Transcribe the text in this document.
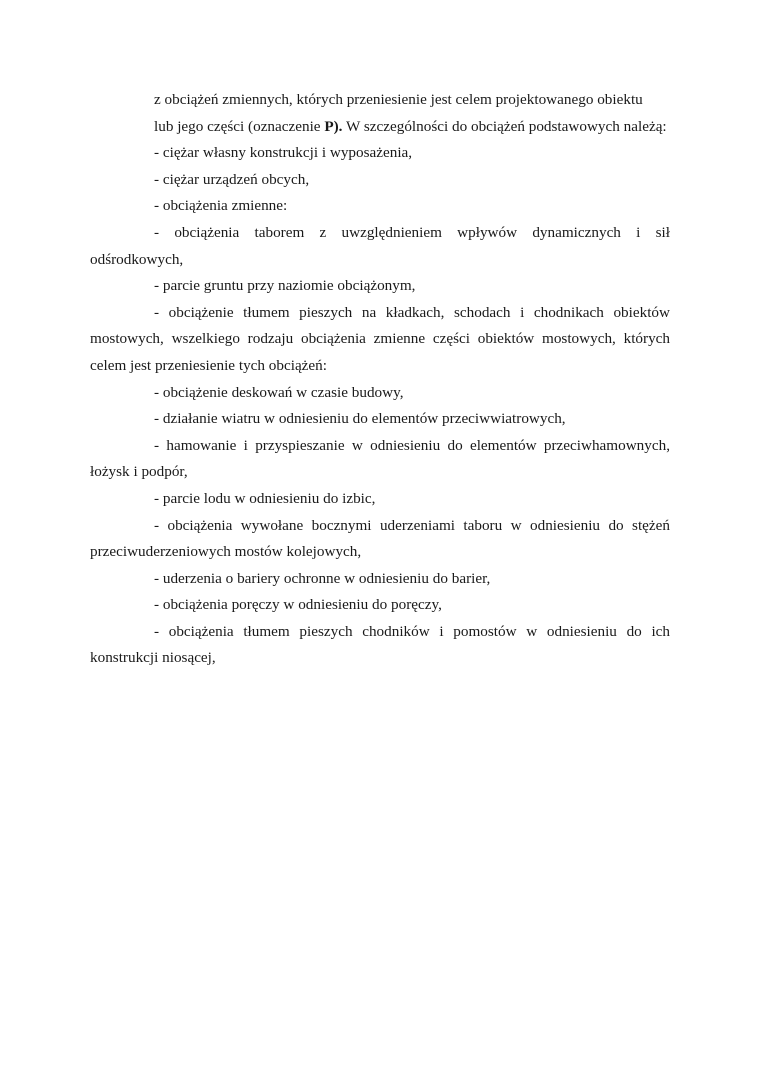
z obciążeń zmiennych, których przeniesienie jest celem projektowanego obiektu

lub jego części (oznaczenie P). W szczególności do obciążeń podstawowych należą:

- ciężar własny konstrukcji i wyposażenia,

- ciężar urządzeń obcych,

- obciążenia zmienne:

- obciążenia taborem z uwzględnieniem wpływów dynamicznych i sił odśrodkowych,

- parcie gruntu przy naziomie obciążonym,

- obciążenie tłumem pieszych na kładkach, schodach i chodnikach obiektów mostowych, wszelkiego rodzaju obciążenia zmienne części obiektów mostowych, których celem jest przeniesienie tych obciążeń:

- obciążenie deskowań w czasie budowy,

- działanie wiatru w odniesieniu do elementów przeciwwiatrowych,

- hamowanie i przyspieszanie w odniesieniu do elementów przeciwhamownych, łożysk i podpór,

- parcie lodu w odniesieniu do izbic,

- obciążenia wywołane bocznymi uderzeniami taboru w odniesieniu do stężeń przeciwuderzeniowych mostów kolejowych,

- uderzenia o bariery ochronne w odniesieniu do barier,

- obciążenia poręczy w odniesieniu do poręczy,

- obciążenia tłumem pieszych chodników i pomostów w odniesieniu do ich konstrukcji niosącej,
